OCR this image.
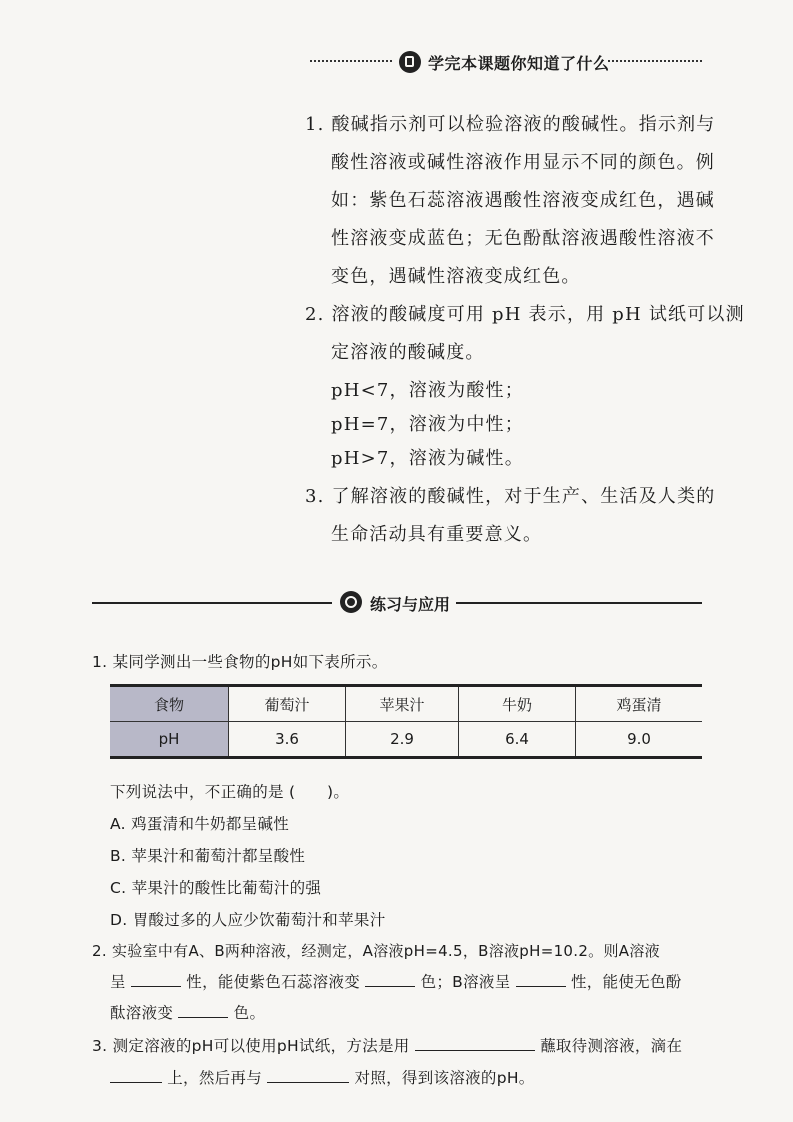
学完本课题你知道了什么
1. 酸碱指示剂可以检验溶液的酸碱性。指示剂与
酸性溶液或碱性溶液作用显示不同的颜色。例
如：紫色石蕊溶液遇酸性溶液变成红色，遇碱
性溶液变成蓝色；无色酚酞溶液遇酸性溶液不
变色，遇碱性溶液变成红色。
2. 溶液的酸碱度可用 pH 表示，用 pH 试纸可以测
定溶液的酸碱度。
pH<7，溶液为酸性；
pH=7，溶液为中性；
pH>7，溶液为碱性。
3. 了解溶液的酸碱性，对于生产、生活及人类的
生命活动具有重要意义。
练习与应用
1. 某同学测出一些食物的pH如下表所示。
食物	葡萄汁	苹果汁	牛奶	鸡蛋清
pH	3.6	2.9	6.4	9.0
下列说法中，不正确的是 (　　)。
A. 鸡蛋清和牛奶都呈碱性
B. 苹果汁和葡萄汁都呈酸性
C. 苹果汁的酸性比葡萄汁的强
D. 胃酸过多的人应少饮葡萄汁和苹果汁
2. 实验室中有A、B两种溶液，经测定，A溶液pH=4.5，B溶液pH=10.2。则A溶液
呈	性，能使紫色石蕊溶液变	色；B溶液呈	性，能使无色酚
酞溶液变	色。
3. 测定溶液的pH可以使用pH试纸，方法是用	蘸取待测溶液，滴在
上，然后再与	对照，得到该溶液的pH。
